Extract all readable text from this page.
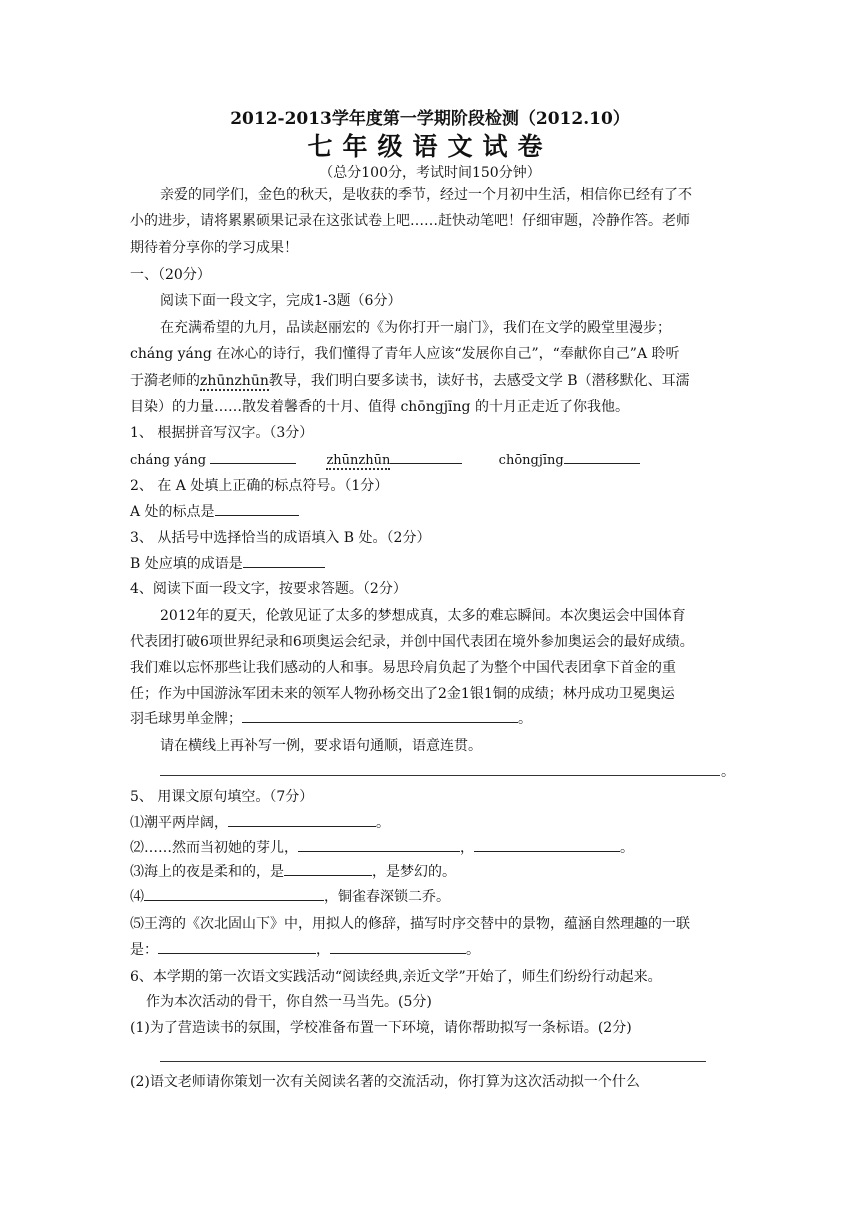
2012-2013学年度第一学期阶段检测（2012.10）
七年级语文试卷
（总分100分，考试时间150分钟）
亲爱的同学们，金色的秋天，是收获的季节，经过一个月初中生活，相信你已经有了不
小的进步，请将累累硕果记录在这张试卷上吧……赶快动笔吧！仔细审题，冷静作答。老师
期待着分享你的学习成果！
一、（20分）
阅读下面一段文字，完成1-3题（6分）
在充满希望的九月，品读赵丽宏的《为你打开一扇门》，我们在文学的殿堂里漫步；
cháng yáng 在冰心的诗行，我们懂得了青年人应该“发展你自己”，“奉献你自己”A 聆听
于漪老师的zhūnzhūn教导，我们明白要多读书，读好书，去感受文学 B（潜移默化、耳濡
目染）的力量……散发着馨香的十月、值得 chōngjīng 的十月正走近了你我他。
1、 根据拼音写汉字。（3分）
cháng yáng	zhūnzhūn	chōngjīng
2、 在 A 处填上正确的标点符号。（1分）
A 处的标点是
3、 从括号中选择恰当的成语填入 B 处。（2分）
B 处应填的成语是
4、阅读下面一段文字，按要求答题。（2分）
2012年的夏天，伦敦见证了太多的梦想成真，太多的难忘瞬间。本次奥运会中国体育
代表团打破6项世界纪录和6项奥运会纪录，并创中国代表团在境外参加奥运会的最好成绩。
我们难以忘怀那些让我们感动的人和事。易思玲肩负起了为整个中国代表团拿下首金的重
任；作为中国游泳军团未来的领军人物孙杨交出了2金1银1铜的成绩；林丹成功卫冕奥运
羽毛球男单金牌；	。
请在横线上再补写一例，要求语句通顺，语意连贯。
。
5、 用课文原句填空。（7分）
⑴潮平两岸阔，	。
⑵……然而当初她的芽儿，	，	。
⑶海上的夜是柔和的，是	，是梦幻的。
⑷	，铜雀春深锁二乔。
⑸王湾的《次北固山下》中，用拟人的修辞，描写时序交替中的景物，蕴涵自然理趣的一联
是：	，	。
6、本学期的第一次语文实践活动“阅读经典,亲近文学”开始了，师生们纷纷行动起来。
作为本次活动的骨干，你自然一马当先。(5分)
(1)为了营造读书的氛围，学校准备布置一下环境，请你帮助拟写一条标语。(2分)
(2)语文老师请你策划一次有关阅读名著的交流活动，你打算为这次活动拟一个什么
